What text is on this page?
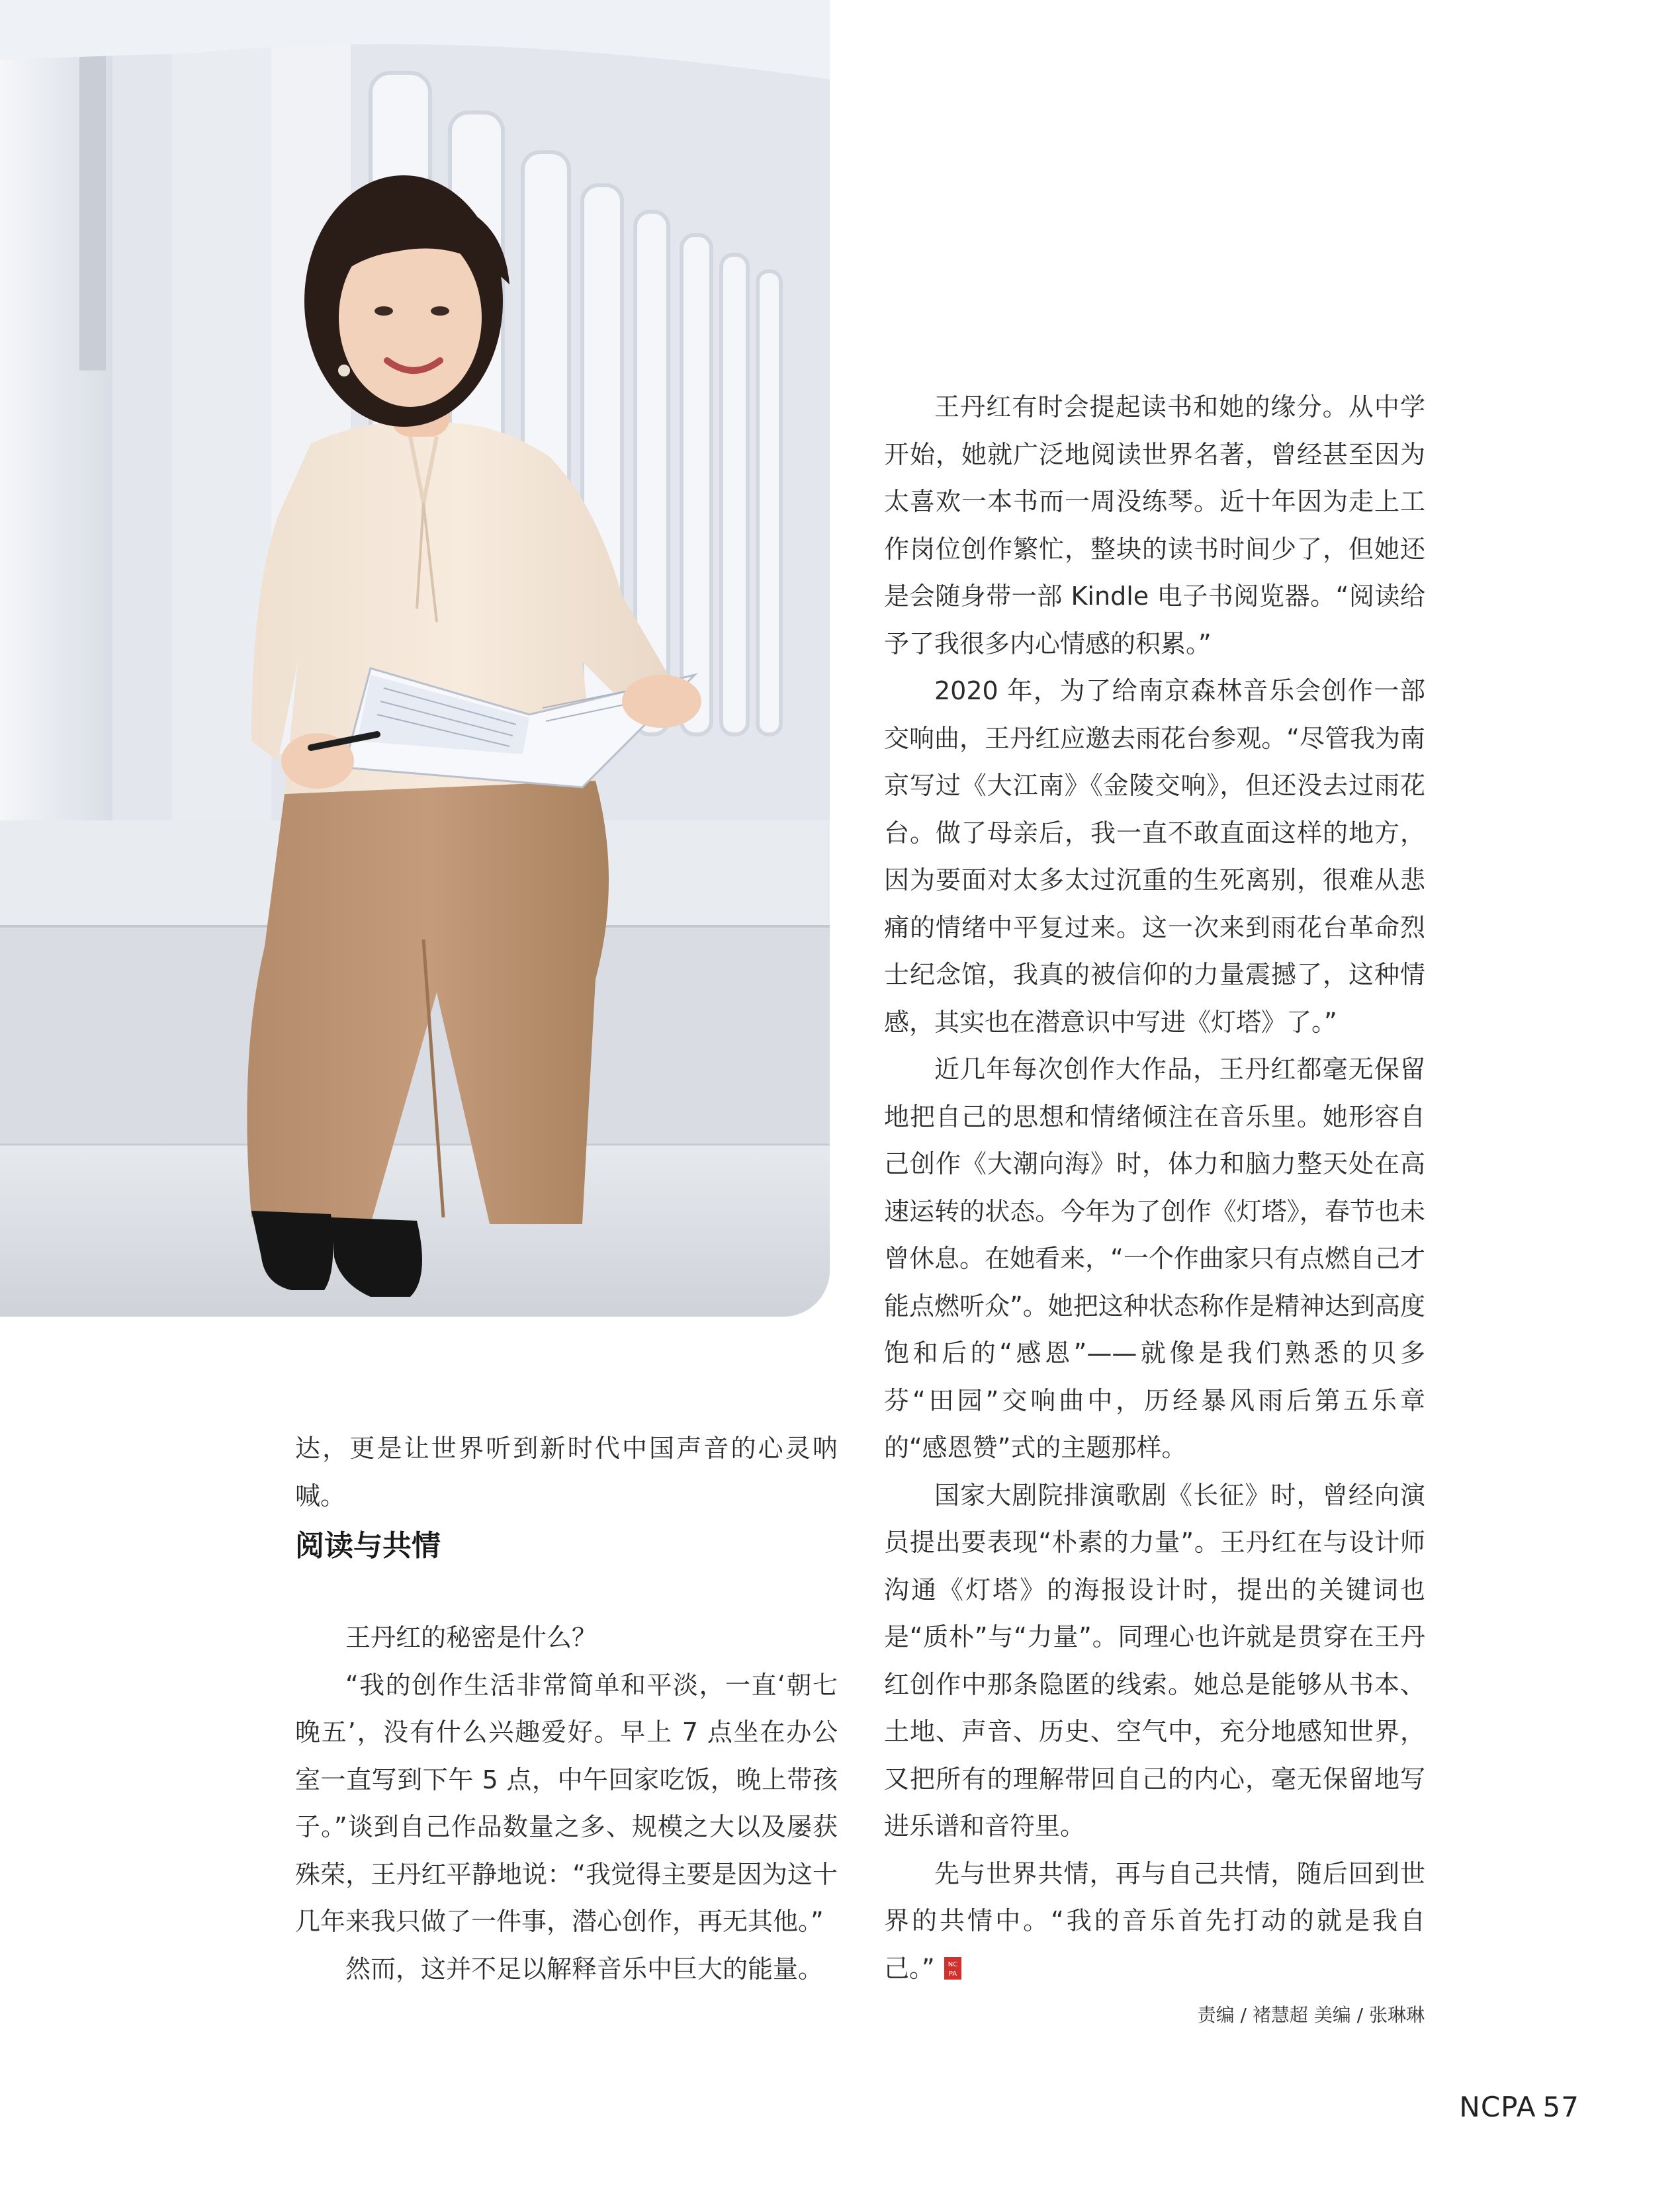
达，更是让世界听到新时代中国声音的心灵呐喊。

阅读与共情

王丹红的秘密是什么？

“我的创作生活非常简单和平淡，一直‘朝七晚五’，没有什么兴趣爱好。早上 7 点坐在办公室一直写到下午 5 点，中午回家吃饭，晚上带孩子。”谈到自己作品数量之多、规模之大以及屡获殊荣，王丹红平静地说：“我觉得主要是因为这十几年来我只做了一件事，潜心创作，再无其他。”

然而，这并不足以解释音乐中巨大的能量。

王丹红有时会提起读书和她的缘分。从中学开始，她就广泛地阅读世界名著，曾经甚至因为太喜欢一本书而一周没练琴。近十年因为走上工作岗位创作繁忙，整块的读书时间少了，但她还是会随身带一部 Kindle 电子书阅览器。“阅读给予了我很多内心情感的积累。”

2020 年，为了给南京森林音乐会创作一部交响曲，王丹红应邀去雨花台参观。“尽管我为南京写过《大江南》《金陵交响》，但还没去过雨花台。做了母亲后，我一直不敢直面这样的地方，因为要面对太多太过沉重的生死离别，很难从悲痛的情绪中平复过来。这一次来到雨花台革命烈士纪念馆，我真的被信仰的力量震撼了，这种情感，其实也在潜意识中写进《灯塔》了。”

近几年每次创作大作品，王丹红都毫无保留地把自己的思想和情绪倾注在音乐里。她形容自己创作《大潮向海》时，体力和脑力整天处在高速运转的状态。今年为了创作《灯塔》，春节也未曾休息。在她看来，“一个作曲家只有点燃自己才能点燃听众”。她把这种状态称作是精神达到高度饱和后的“感恩”——就像是我们熟悉的贝多芬“田园”交响曲中，历经暴风雨后第五乐章的“感恩赞”式的主题那样。

国家大剧院排演歌剧《长征》时，曾经向演员提出要表现“朴素的力量”。王丹红在与设计师沟通《灯塔》的海报设计时，提出的关键词也是“质朴”与“力量”。同理心也许就是贯穿在王丹红创作中那条隐匿的线索。她总是能够从书本、土地、声音、历史、空气中，充分地感知世界，又把所有的理解带回自己的内心，毫无保留地写进乐谱和音符里。

先与世界共情，再与自己共情，随后回到世界的共情中。“我的音乐首先打动的就是我自己。” NC
PA

责编 / 褚慧超 美编 / 张琳琳
NCPA 57
